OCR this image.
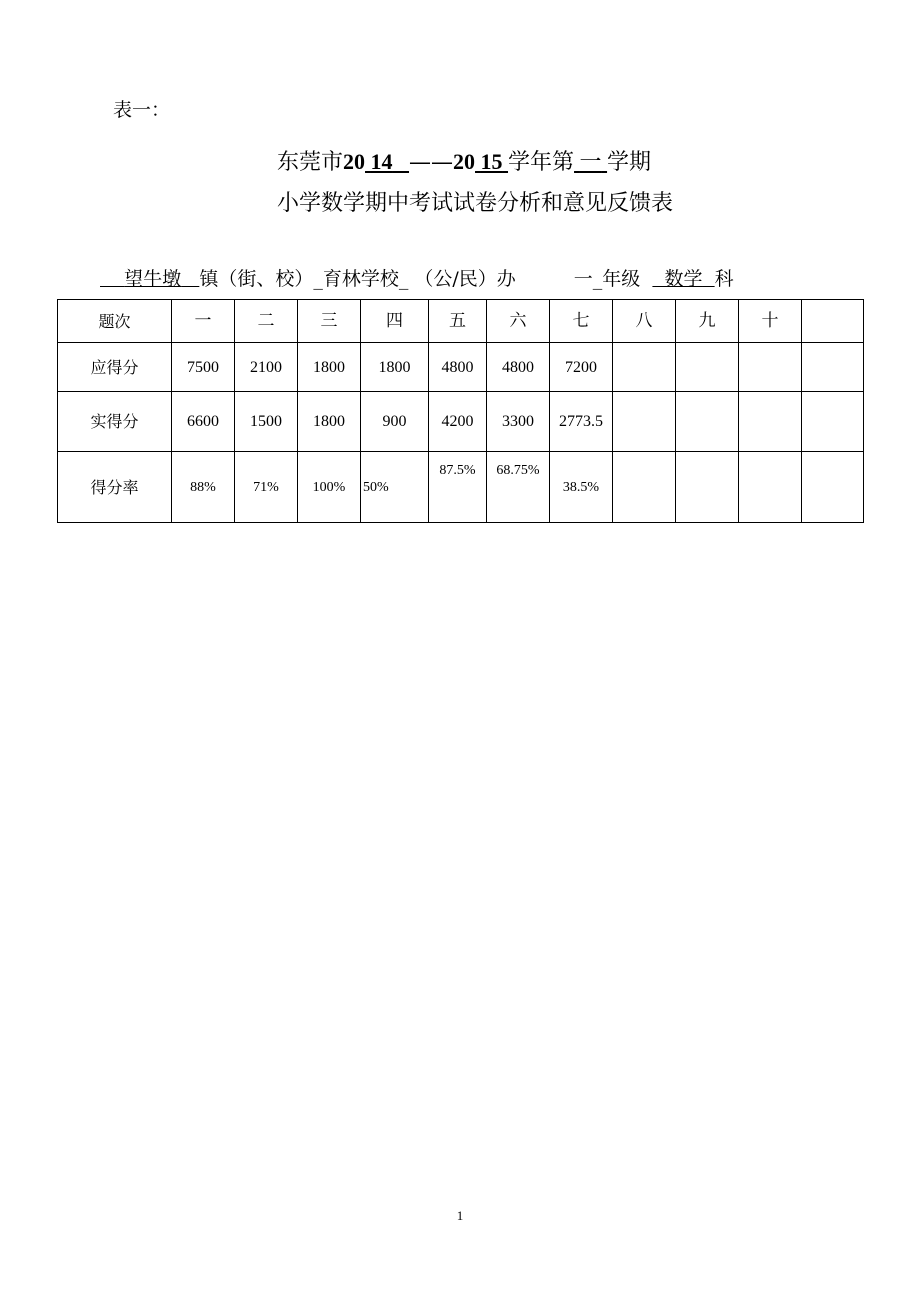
表一：
东莞市20 14 ——20 15 学年第 一 学期
小学数学期中考试试卷分析和意见反馈表
望牛墩 镇（街、校）_育林学校_ （公/民）办	一_年级 数学 科
题次	一	二	三	四	五	六	七	八	九	十	
应得分	7500	2100	1800	1800	4800	4800	7200				
实得分	6600	1500	1800	900	4200	3300	2773.5				
得分率	88%	71%	100%	50%	87.5%	68.75%	38.5%				
1
